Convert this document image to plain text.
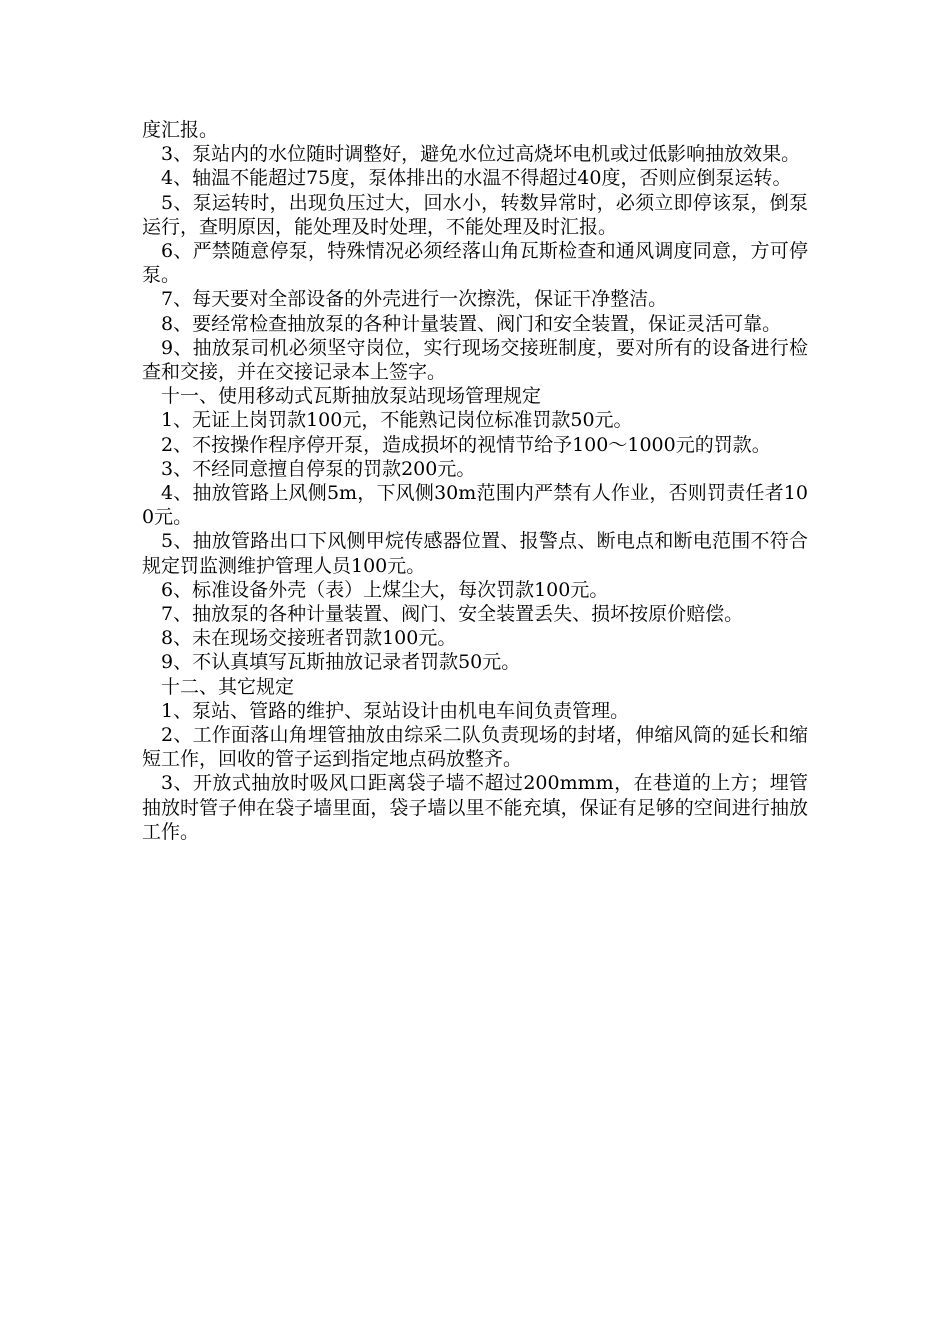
度汇报。

3、泵站内的水位随时调整好，避免水位过高烧坏电机或过低影响抽放效果。

4、轴温不能超过75度，泵体排出的水温不得超过40度，否则应倒泵运转。

5、泵运转时，出现负压过大，回水小，转数异常时，必须立即停该泵，倒泵运行，查明原因，能处理及时处理，不能处理及时汇报。

6、严禁随意停泵，特殊情况必须经落山角瓦斯检查和通风调度同意，方可停泵。

7、每天要对全部设备的外壳进行一次擦洗，保证干净整洁。

8、要经常检查抽放泵的各种计量装置、阀门和安全装置，保证灵活可靠。

9、抽放泵司机必须坚守岗位，实行现场交接班制度，要对所有的设备进行检查和交接，并在交接记录本上签字。

十一、使用移动式瓦斯抽放泵站现场管理规定

1、无证上岗罚款100元，不能熟记岗位标准罚款50元。

2、不按操作程序停开泵，造成损坏的视情节给予100～1000元的罚款。

3、不经同意擅自停泵的罚款200元。

4、抽放管路上风侧5m，下风侧30m范围内严禁有人作业，否则罚责任者100元。

5、抽放管路出口下风侧甲烷传感器位置、报警点、断电点和断电范围不符合规定罚监测维护管理人员100元。

6、标准设备外壳（表）上煤尘大，每次罚款100元。

7、抽放泵的各种计量装置、阀门、安全装置丢失、损坏按原价赔偿。

8、未在现场交接班者罚款100元。

9、不认真填写瓦斯抽放记录者罚款50元。

十二、其它规定

1、泵站、管路的维护、泵站设计由机电车间负责管理。

2、工作面落山角埋管抽放由综采二队负责现场的封堵，伸缩风筒的延长和缩短工作，回收的管子运到指定地点码放整齐。

3、开放式抽放时吸风口距离袋子墙不超过200mmm，在巷道的上方；埋管抽放时管子伸在袋子墙里面，袋子墙以里不能充填，保证有足够的空间进行抽放工作。
